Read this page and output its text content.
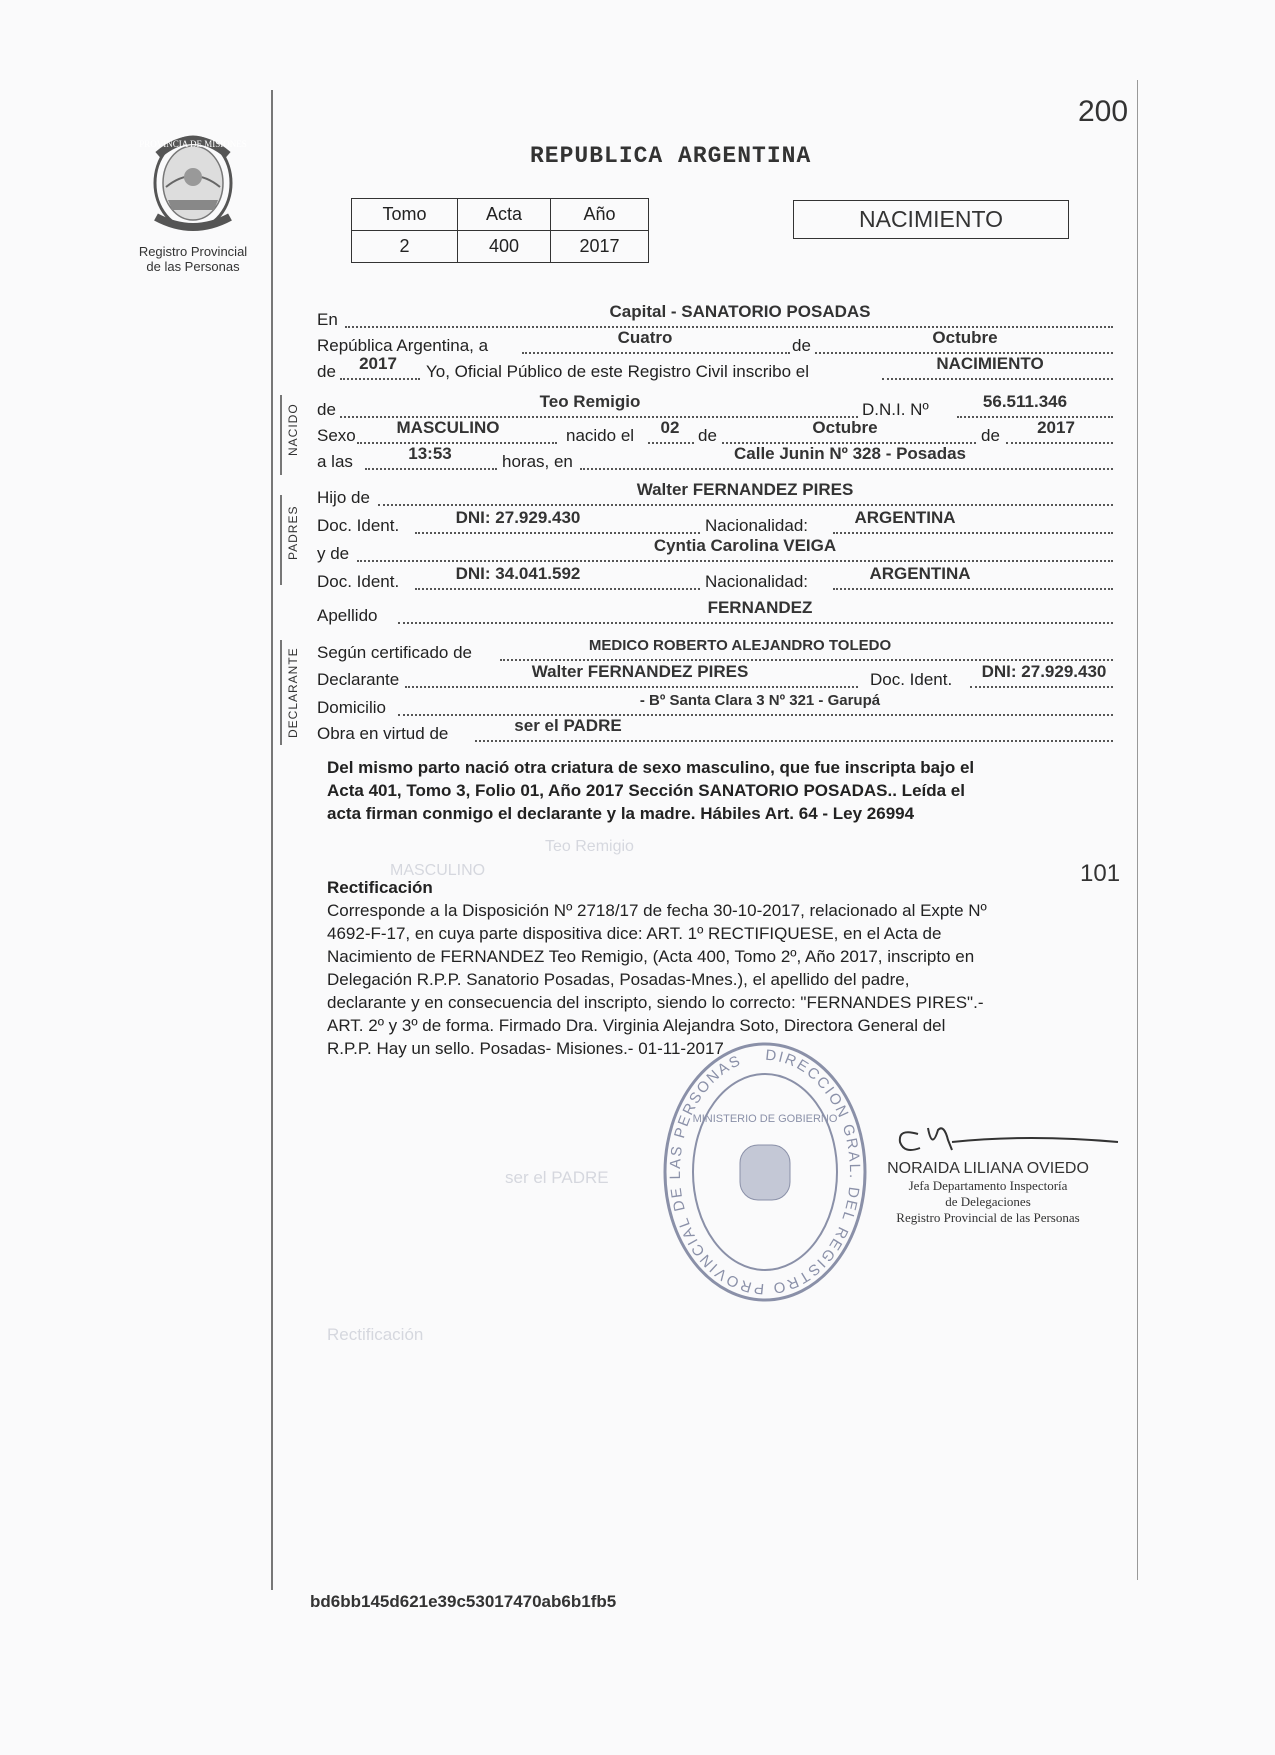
200
PROVINCIA DE MISIONES
Registro Provincial
de las Personas
REPUBLICA ARGENTINA
Tomo	Acta	Año
2	400	2017
NACIMIENTO
NACIDO
PADRES
DECLARANTE
En	Capital - SANATORIO POSADAS
República Argentina, a	Cuatro	de	Octubre
de	2017	Yo, Oficial Público de este Registro Civil inscribo el	NACIMIENTO
de	Teo Remigio	D.N.I. Nº	56.511.346
Sexo	MASCULINO	nacido el	02	de	Octubre	de	2017
a las	13:53	horas, en	Calle Junin Nº 328 - Posadas
Hijo de	Walter FERNANDEZ PIRES
Doc. Ident.	DNI: 27.929.430	Nacionalidad:	ARGENTINA
y de	Cyntia Carolina VEIGA
Doc. Ident.	DNI: 34.041.592	Nacionalidad:	ARGENTINA
Apellido	FERNANDEZ
Según certificado de	MEDICO ROBERTO ALEJANDRO TOLEDO
Declarante	Walter FERNANDEZ PIRES	Doc. Ident.	DNI: 27.929.430
Domicilio	- Bº Santa Clara 3 Nº 321 - Garupá
Obra en virtud de	ser el PADRE
Del mismo parto nació otra criatura de sexo masculino, que fue inscripta bajo el
Acta 401, Tomo 3, Folio 01, Año 2017 Sección SANATORIO POSADAS.. Leída el
acta firman conmigo el declarante y la madre. Hábiles Art. 64 - Ley 26994
Teo Remigio
MASCULINO
ser el PADRE
Rectificación
101
Rectificación
Corresponde a la Disposición Nº 2718/17 de fecha 30-10-2017, relacionado al Expte Nº
4692-F-17, en cuya parte dispositiva dice: ART. 1º RECTIFIQUESE, en el Acta de
Nacimiento de FERNANDEZ Teo Remigio, (Acta 400, Tomo 2º, Año 2017, inscripto en
Delegación R.P.P. Sanatorio Posadas, Posadas-Mnes.), el apellido del padre,
declarante y en consecuencia del inscripto, siendo lo correcto: "FERNANDES PIRES".-
ART. 2º y 3º de forma. Firmado Dra. Virginia Alejandra Soto, Directora General del
R.P.P. Hay un sello. Posadas- Misiones.- 01-11-2017	DIRECCION GRAL. DEL REGISTRO PROVINCIAL DE LAS PERSONAS
MINISTERIO DE GOBIERNO
NORAIDA LILIANA OVIEDO
Jefa Departamento Inspectoría
de Delegaciones
Registro Provincial de las Personas
bd6bb145d621e39c53017470ab6b1fb5
